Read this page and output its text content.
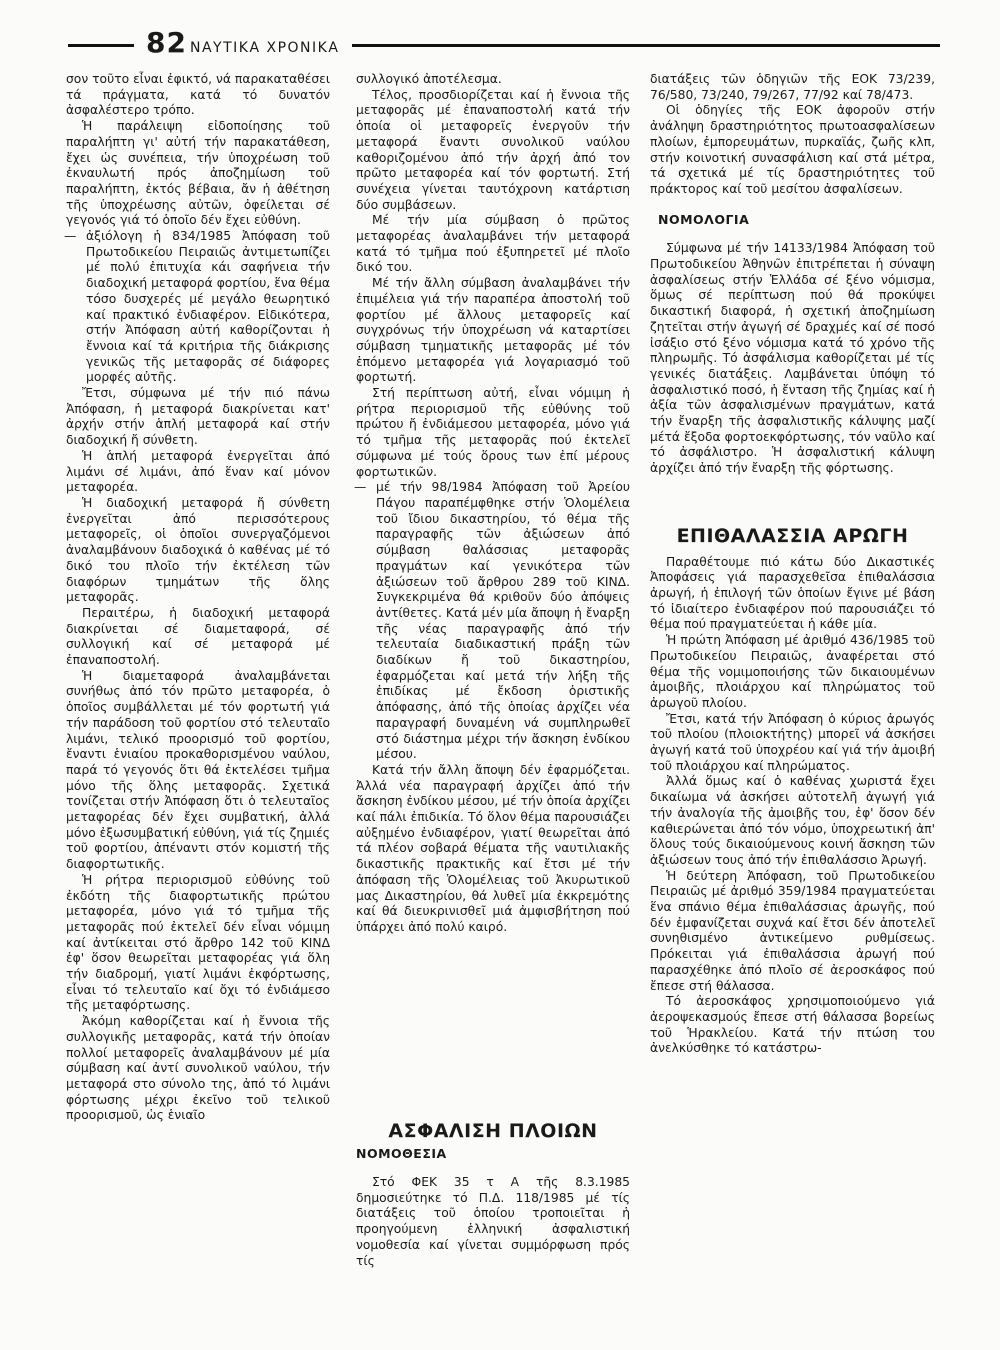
82 ΝΑΥΤΙΚΑ ΧΡΟΝΙΚΑ

σον τοῦτο εἶναι ἐφικτό, νά παρακαταθέσει τά πράγματα, κατά τό δυνατόν ἀσφαλέστερο τρόπο.

Ἡ παράλειψη εἰδοποίησης τοῦ παραλήπτη γι' αὐτή τήν παρακατάθεση, ἔχει ὡς συνέπεια, τήν ὑποχρέωση τοῦ ἐκναυλωτή πρός ἀποζημίωση τοῦ παραλήπτη, ἐκτός βέβαια, ἄν ἡ ἀθέτηση τῆς ὑποχρέωσης αὐτῶν, ὀφείλεται σέ γεγονός γιά τό ὁποῖο δέν ἔχει εὐθύνη.

— ἀξιόλογη ἡ 834/1985 Ἀπόφαση τοῦ Πρωτοδικείου Πειραιῶς ἀντιμετωπίζει μέ πολύ ἐπιτυχία κάι σαφήνεια τήν διαδοχική μεταφορά φορτίου, ἕνα θέμα τόσο δυσχερές μέ μεγάλο θεωρητικό καί πρακτικό ἐνδιαφέρον. Εἰδικότερα, στήν Ἀπόφαση αὐτή καθορίζονται ἡ ἔννοια καί τά κριτήρια τῆς διάκρισης γενικῶς τῆς μεταφορᾶς σέ διάφορες μορφές αὐτῆς.

Ἔτσι, σύμφωνα μέ τήν πιό πάνω Ἀπόφαση, ἡ μεταφορά διακρίνεται κατ' ἀρχήν στήν ἁπλή μεταφορά καί στήν διαδοχική ἤ σύνθετη.

Ἡ ἁπλή μεταφορά ἐνεργεῖται ἀπό λιμάνι σέ λιμάνι, ἀπό ἕναν καί μόνον μεταφορέα.

Ἡ διαδοχική μεταφορά ἤ σύνθετη ἐνεργεῖται ἀπό περισσότερους μεταφορεῖς, οἱ ὁποῖοι συνεργαζόμενοι ἀναλαμβάνουν διαδοχικά ὁ καθένας μέ τό δικό του πλοῖο τήν ἐκτέλεση τῶν διαφόρων τμημάτων τῆς ὅλης μεταφορᾶς.

Περαιτέρω, ἡ διαδοχική μεταφορά διακρίνεται σέ διαμεταφορά, σέ συλλογική καί σέ μεταφορά μέ ἐπαναποστολή.

Ἡ διαμεταφορά ἀναλαμβάνεται συνήθως ἀπό τόν πρῶτο μεταφορέα, ὁ ὁποῖος συμβάλλεται μέ τόν φορτωτή γιά τήν παράδοση τοῦ φορτίου στό τελευταῖο λιμάνι, τελικό προορισμό τοῦ φορτίου, ἔναντι ἑνιαίου προκαθορισμένου ναύλου, παρά τό γεγονός ὅτι θά ἐκτελέσει τμῆμα μόνο τῆς ὅλης μεταφορᾶς. Σχετικά τονίζεται στήν Ἀπόφαση ὅτι ὁ τελευταῖος μεταφορέας δέν ἔχει συμβατική, ἀλλά μόνο ἐξωσυμβατική εὐθύνη, γιά τίς ζημιές τοῦ φορτίου, ἀπέναντι στόν κομιστή τῆς διαφορτωτικῆς.

Ἡ ρήτρα περιορισμοῦ εὐθύνης τοῦ ἐκδότη τῆς διαφορτωτικῆς πρώτου μεταφορέα, μόνο γιά τό τμῆμα τῆς μεταφορᾶς πού ἐκτελεῖ δέν εἶναι νόμιμη καί ἀντίκειται στό ἄρθρο 142 τοῦ ΚΙΝΔ ἐφ' ὅσον θεωρεῖται μεταφορέας γιά ὅλη τήν διαδρομή, γιατί λιμάνι ἐκφόρτωσης, εἶναι τό τελευταῖο καί ὄχι τό ἐνδιάμεσο τῆς μεταφόρτωσης.

Ἀκόμη καθορίζεται καί ἡ ἔννοια τῆς συλλογικῆς μεταφορᾶς, κατά τήν ὁποίαν πολλοί μεταφορεῖς ἀναλαμβάνουν μέ μία σύμβαση καί ἀντί συνολικοῦ ναύλου, τήν μεταφορά στο σύνολο της, ἀπό τό λιμάνι φόρτωσης μέχρι ἐκεῖνο τοῦ τελικοῦ προορισμοῦ, ὡς ἑνιαῖο

συλλογικό ἀποτέλεσμα.

Τέλος, προσδιορίζεται καί ἡ ἔννοια τῆς μεταφορᾶς μέ ἐπαναποστολή κατά τήν ὁποία οἱ μεταφορεῖς ἐνεργοῦν τήν μεταφορά ἔναντι συνολικοῦ ναύλου καθοριζομένου ἀπό τήν ἀρχή ἀπό τον πρῶτο μεταφορέα καί τόν φορτωτή. Στή συνέχεια γίνεται ταυτόχρονη κατάρτιση δύο συμβάσεων.

Μέ τήν μία σύμβαση ὁ πρῶτος μεταφορέας ἀναλαμβάνει τήν μεταφορά κατά τό τμῆμα πού ἐξυπηρετεῖ μέ πλοῖο δικό του.

Μέ τήν ἄλλη σύμβαση ἀναλαμβάνει τήν ἐπιμέλεια γιά τήν παραπέρα ἀποστολή τοῦ φορτίου μέ ἄλλους μεταφορεῖς καί συγχρόνως τήν ὑποχρέωση νά καταρτίσει σύμβαση τμηματικῆς μεταφορᾶς μέ τόν ἑπόμενο μεταφορέα γιά λογαριασμό τοῦ φορτωτή.

Στή περίπτωση αὐτή, εἶναι νόμιμη ἡ ρήτρα περιορισμοῦ τῆς εὐθύνης τοῦ πρώτου ἤ ἐνδιάμεσου μεταφορέα, μόνο γιά τό τμῆμα τῆς μεταφορᾶς πού ἐκτελεῖ σύμφωνα μέ τούς ὅρους των ἐπί μέρους φορτωτικῶν.

— μέ τήν 98/1984 Ἀπόφαση τοῦ Ἀρείου Πάγου παραπέμφθηκε στήν Ὁλομέλεια τοῦ ἴδιου δικαστηρίου, τό θέμα τῆς παραγραφῆς τῶν ἀξιώσεων ἀπό σύμβαση θαλάσσιας μεταφορᾶς πραγμάτων καί γενικότερα τῶν ἀξιώσεων τοῦ ἄρθρου 289 τοῦ ΚΙΝΔ. Συγκεκριμένα θά κριθοῦν δύο ἀπόψεις ἀντίθετες. Κατά μέν μία ἄποψη ἡ ἔναρξη τῆς νέας παραγραφῆς ἀπό τήν τελευταία διαδικαστική πράξη τῶν διαδίκων ἤ τοῦ δικαστηρίου, ἐφαρμόζεται καί μετά τήν λήξη τῆς ἐπιδίκας μέ ἔκδοση ὁριστικῆς ἀπόφασης, ἀπό τῆς ὁποίας ἀρχίζει νέα παραγραφή δυναμένη νά συμπληρωθεῖ στό διάστημα μέχρι τήν ἄσκηση ἐνδίκου μέσου.

Κατά τήν ἄλλη ἄποψη δέν ἐφαρμόζεται. Ἀλλά νέα παραγραφή ἀρχίζει ἀπό τήν ἄσκηση ἐνδίκου μέσου, μέ τήν ὁποία ἀρχίζει καί πάλι ἐπιδικία. Τό ὅλον θέμα παρουσιάζει αὐξημένο ἐνδιαφέρον, γιατί θεωρεῖται ἀπό τά πλέον σοβαρά θέματα τῆς ναυτιλιακῆς δικαστικῆς πρακτικῆς καί ἔτσι μέ τήν ἀπόφαση τῆς Ὁλομέλειας τοῦ Ἀκυρωτικοῦ μας Δικαστηρίου, θά λυθεῖ μία ἐκκρεμότης καί θά διευκρινισθεῖ μιά ἀμφισβήτηση πού ὑπάρχει ἀπό πολύ καιρό.

ΑΣΦΑΛΙΣΗ ΠΛΟΙΩΝ
ΝΟΜΟΘΕΣΙΑ

Στό ΦΕΚ 35 τ Α τῆς 8.3.1985 δημοσιεύτηκε τό Π.Δ. 118/1985 μέ τίς διατάξεις τοῦ ὁποίου τροποιεῖται ἡ προηγούμενη ἑλληνική ἀσφαλιστική νομοθεσία καί γίνεται συμμόρφωση πρός τίς

διατάξεις τῶν ὁδηγιῶν τῆς ΕΟΚ 73/239, 76/580, 73/240, 79/267, 77/92 καί 78/473.

Οἱ ὁδηγίες τῆς ΕΟΚ ἀφοροῦν στήν ἀνάληψη δραστηριότητος πρωτοασφαλίσεων πλοίων, ἐμπορευμάτων, πυρκαϊάς, ζωῆς κλπ, στήν κοινοτική συνασφάλιση καί στά μέτρα, τά σχετικά μέ τίς δραστηριότητες τοῦ πράκτορος καί τοῦ μεσίτου ἀσφαλίσεων.

ΝΟΜΟΛΟΓΙΑ

Σύμφωνα μέ τήν 14133/1984 Ἀπόφαση τοῦ Πρωτοδικείου Ἀθηνῶν ἐπιτρέπεται ἡ σύναψη ἀσφαλίσεως στήν Ἑλλάδα σέ ξένο νόμισμα, ὅμως σέ περίπτωση πού θά προκύψει δικαστική διαφορά, ἡ σχετική ἀποζημίωση ζητεῖται στήν ἀγωγή σέ δραχμές καί σέ ποσό ἰσάξιο στό ξένο νόμισμα κατά τό χρόνο τῆς πληρωμῆς. Τό ἀσφάλισμα καθορίζεται μέ τίς γενικές διατάξεις. Λαμβάνεται ὑπόψη τό ἀσφαλιστικό ποσό, ἡ ἔνταση τῆς ζημίας καί ἡ ἀξία τῶν ἀσφαλισμένων πραγμάτων, κατά τήν ἔναρξη τῆς ἀσφαλιστικῆς κάλυψης μαζί μέτά ἔξοδα φορτοεκφόρτωσης, τόν ναῦλο καί τό ἀσφάλιστρο. Ἡ ἀσφαλιστική κάλυψη ἀρχίζει ἀπό τήν ἔναρξη τῆς φόρτωσης.

ΕΠΙΘΑΛΑΣΣΙΑ ΑΡΩΓΗ

Παραθέτουμε πιό κάτω δύο Δικαστικές Ἀποφάσεις γιά παρασχεθεῖσα ἐπιθαλάσσια ἀρωγή, ἡ ἐπιλογή τῶν ὁποίων ἔγινε μέ βάση τό ἰδιαίτερο ἐνδιαφέρον πού παρουσιάζει τό θέμα πού πραγματεύεται ἡ κάθε μία.

Ἡ πρώτη Ἀπόφαση μέ ἀριθμό 436/1985 τοῦ Πρωτοδικείου Πειραιῶς, ἀναφέρεται στό θέμα τῆς νομιμοποιήσης τῶν δικαιουμένων ἀμοιβῆς, πλοιάρχου καί πληρώματος τοῦ ἀρωγοῦ πλοίου.

Ἔτσι, κατά τήν Ἀπόφαση ὁ κύριος ἀρωγός τοῦ πλοίου (πλοιοκτήτης) μπορεῖ νά ἀσκήσει ἀγωγή κατά τοῦ ὑποχρέου καί γιά τήν ἀμοιβή τοῦ πλοιάρχου καί πληρώματος.

Ἀλλά ὅμως καί ὁ καθένας χωριστά ἔχει δικαίωμα νά ἀσκήσει αὐτοτελῆ ἀγωγή γιά τήν ἀναλογία τῆς ἀμοιβῆς του, ἐφ' ὅσον δέν καθιερώνεται ἀπό τόν νόμο, ὑποχρεωτική ἀπ' ὅλους τούς δικαιούμενους κοινή ἄσκηση τῶν ἀξιώσεων τους ἀπό τήν ἐπιθαλάσσιο Ἀρωγή.

Ἡ δεύτερη Ἀπόφαση, τοῦ Πρωτοδικείου Πειραιῶς μέ ἀριθμό 359/1984 πραγματεύεται ἕνα σπάνιο θέμα ἐπιθαλάσσιας ἀρωγῆς, πού δέν ἐμφανίζεται συχνά καί ἔτσι δέν ἀποτελεῖ συνηθισμένο ἀντικείμενο ρυθμίσεως. Πρόκειται γιά ἐπιθαλάσσια ἀρωγή πού παρασχέθηκε ἀπό πλοῖο σέ ἀεροσκάφος πού ἔπεσε στή θάλασσα.

Τό ἀεροσκάφος χρησιμοποιούμενο γιά ἀεροψεκασμούς ἔπεσε στή θάλασσα βορείως τοῦ Ἡρακλείου. Κατά τήν πτώση του ἀνελκύσθηκε τό κατάστρω-
